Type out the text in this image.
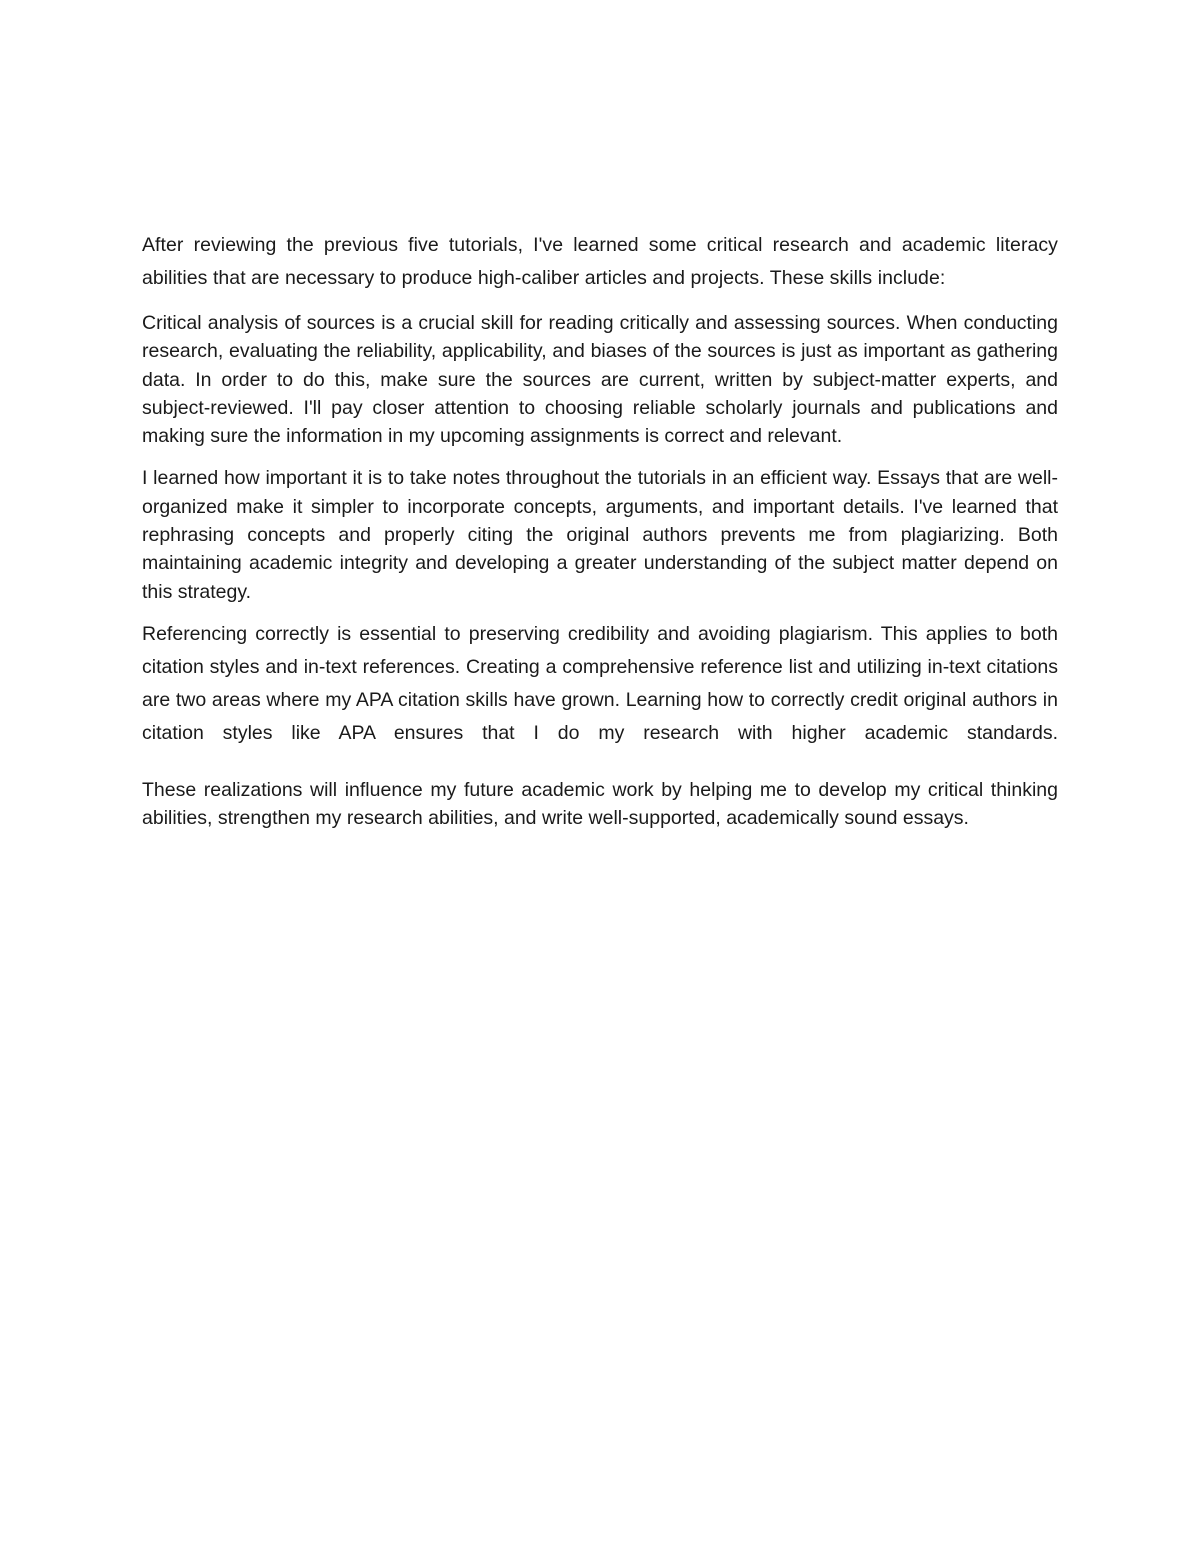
After reviewing the previous five tutorials, I've learned some critical research and academic literacy abilities that are necessary to produce high-caliber articles and projects. These skills include:

Critical analysis of sources is a crucial skill for reading critically and assessing sources. When conducting research, evaluating the reliability, applicability, and biases of the sources is just as important as gathering data. In order to do this, make sure the sources are current, written by subject-matter experts, and subject-reviewed. I'll pay closer attention to choosing reliable scholarly journals and publications and making sure the information in my upcoming assignments is correct and relevant.

I learned how important it is to take notes throughout the tutorials in an efficient way. Essays that are well-organized make it simpler to incorporate concepts, arguments, and important details. I've learned that rephrasing concepts and properly citing the original authors prevents me from plagiarizing. Both maintaining academic integrity and developing a greater understanding of the subject matter depend on this strategy.

Referencing correctly is essential to preserving credibility and avoiding plagiarism. This applies to both citation styles and in-text references. Creating a comprehensive reference list and utilizing in-text citations are two areas where my APA citation skills have grown. Learning how to correctly credit original authors in citation styles like APA ensures that I do my research with higher academic standards.

These realizations will influence my future academic work by helping me to develop my critical thinking abilities, strengthen my research abilities, and write well-supported, academically sound essays.
